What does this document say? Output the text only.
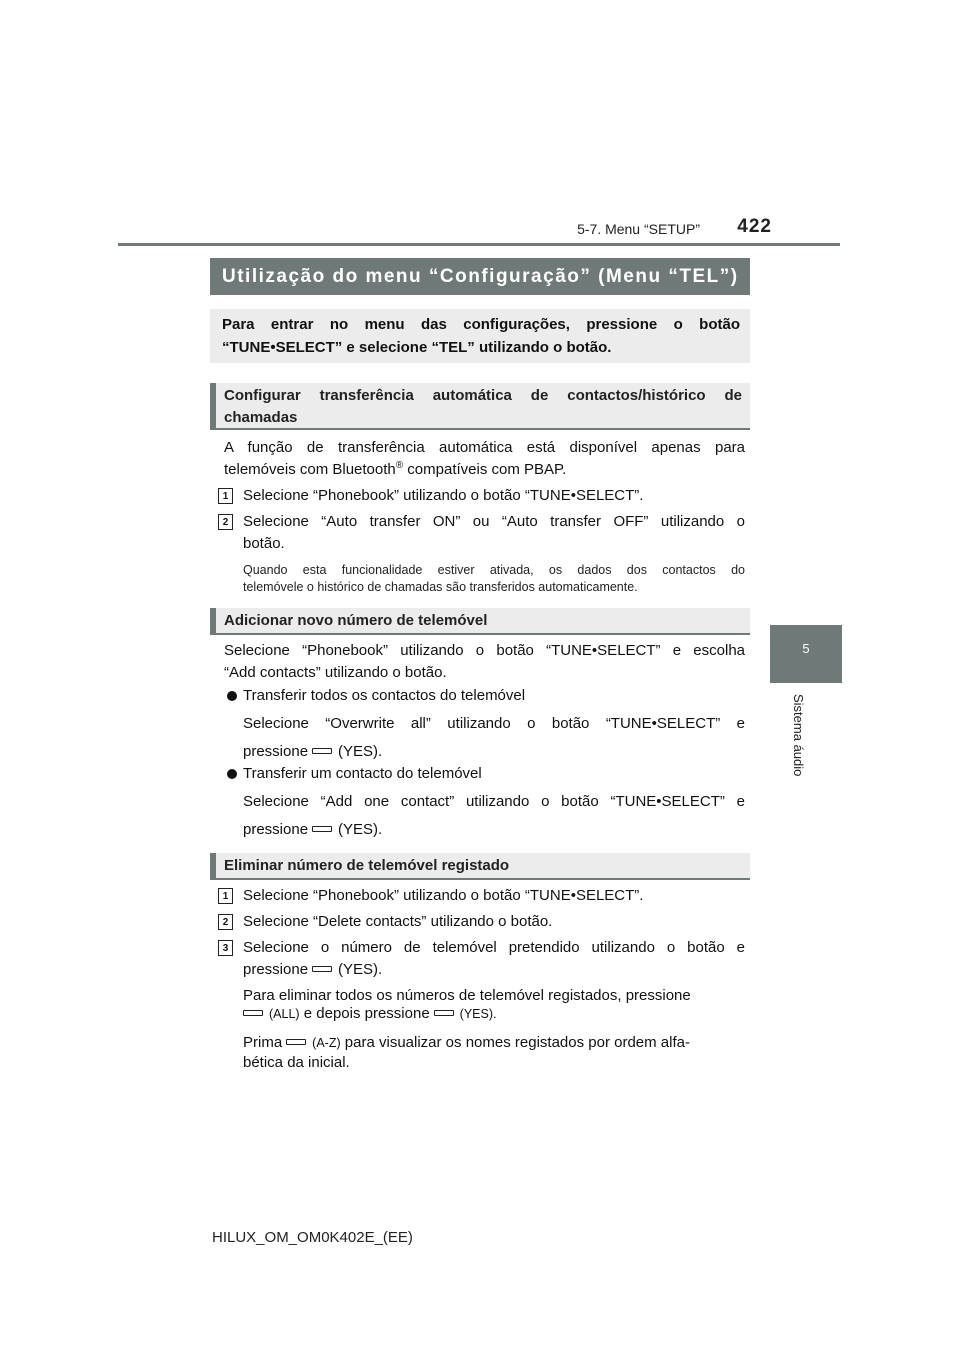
5-7. Menu “SETUP”	422
5
Sistema áudio
Utilização do menu “Configuração” (Menu “TEL”)
Para entrar no menu das configurações, pressione o botão
“TUNE•SELECT” e selecione “TEL” utilizando o botão.
Configurar transferência automática de contactos/histórico de
chamadas
A função de transferência automática está disponível apenas para
telemóveis com Bluetooth® compatíveis com PBAP.
1 Selecione “Phonebook” utilizando o botão “TUNE•SELECT”.
2 Selecione “Auto transfer ON” ou “Auto transfer OFF” utilizando o
botão.
Quando esta funcionalidade estiver ativada, os dados dos contactos do
telemóvele o histórico de chamadas são transferidos automaticamente.
Adicionar novo número de telemóvel
Selecione “Phonebook” utilizando o botão “TUNE•SELECT” e escolha
“Add contacts” utilizando o botão.
Transferir todos os contactos do telemóvel
Selecione “Overwrite all” utilizando o botão “TUNE•SELECT” e
pressione (YES).
Transferir um contacto do telemóvel
Selecione “Add one contact” utilizando o botão “TUNE•SELECT” e
pressione (YES).
Eliminar número de telemóvel registado
1 Selecione “Phonebook” utilizando o botão “TUNE•SELECT”.
2 Selecione “Delete contacts” utilizando o botão.
3 Selecione o número de telemóvel pretendido utilizando o botão e
pressione (YES).
Para eliminar todos os números de telemóvel registados, pressione
(ALL) e depois pressione (YES).
Prima (A-Z) para visualizar os nomes registados por ordem alfa-
bética da inicial.
HILUX_OM_OM0K402E_(EE)
